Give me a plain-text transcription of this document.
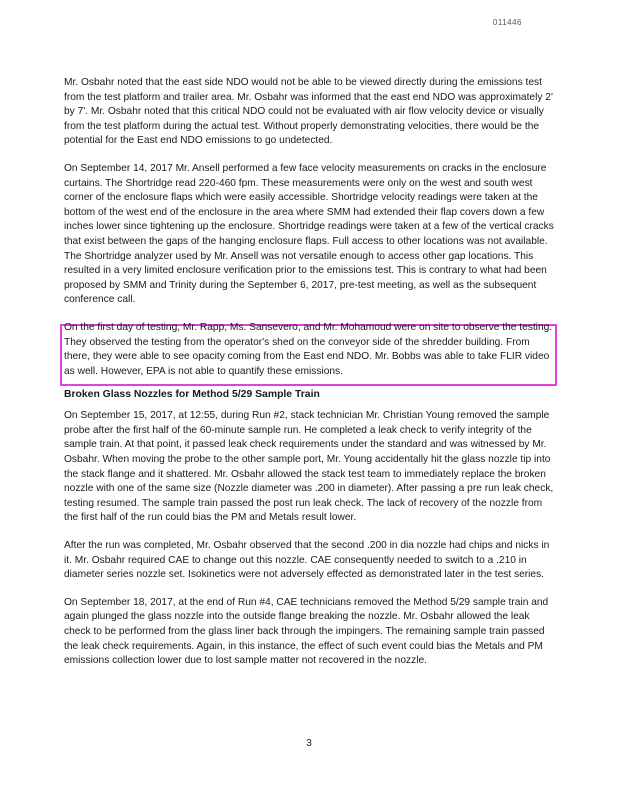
011446

Mr. Osbahr noted that the east side NDO would not be able to be viewed directly during the emissions test from the test platform and trailer area. Mr. Osbahr was informed that the east end NDO was approximately 2' by 7'. Mr. Osbahr noted that this critical NDO could not be evaluated with air flow velocity device or visually from the test platform during the actual test. Without properly demonstrating velocities, there would be the potential for the East end NDO emissions to go undetected.

On September 14, 2017 Mr. Ansell performed a few face velocity measurements on cracks in the enclosure curtains. The Shortridge read 220-460 fpm. These measurements were only on the west and south west corner of the enclosure flaps which were easily accessible. Shortridge velocity readings were taken at the bottom of the west end of the enclosure in the area where SMM had extended their flap covers down a few inches lower since tightening up the enclosure. Shortridge readings were taken at a few of the vertical cracks that exist between the gaps of the hanging enclosure flaps. Full access to other locations was not available. The Shortridge analyzer used by Mr. Ansell was not versatile enough to access other gap locations. This resulted in a very limited enclosure verification prior to the emissions test. This is contrary to what had been proposed by SMM and Trinity during the September 6, 2017, pre-test meeting, as well as the subsequent conference call.

On the first day of testing, Mr. Rapp, Ms. Sansevero, and Mr. Mohamoud were on site to observe the testing. They observed the testing from the operator's shed on the conveyor side of the shredder building. From there, they were able to see opacity coming from the East end NDO. Mr. Bobbs was able to take FLIR video as well. However, EPA is not able to quantify these emissions.

Broken Glass Nozzles for Method 5/29 Sample Train

On September 15, 2017, at 12:55, during Run #2, stack technician Mr. Christian Young removed the sample probe after the first half of the 60-minute sample run. He completed a leak check to verify integrity of the sample train. At that point, it passed leak check requirements under the standard and was witnessed by Mr. Osbahr. When moving the probe to the other sample port, Mr. Young accidentally hit the glass nozzle tip into the stack flange and it shattered. Mr. Osbahr allowed the stack test team to immediately replace the broken nozzle with one of the same size (Nozzle diameter was .200 in diameter). After passing a pre run leak check, testing resumed. The sample train passed the post run leak check. The lack of recovery of the nozzle from the first half of the run could bias the PM and Metals result lower.

After the run was completed, Mr. Osbahr observed that the second .200 in dia nozzle had chips and nicks in it. Mr. Osbahr required CAE to change out this nozzle. CAE consequently needed to switch to a .210 in diameter series nozzle set. Isokinetics were not adversely effected as demonstrated later in the test series.

On September 18, 2017, at the end of Run #4, CAE technicians removed the Method 5/29 sample train and again plunged the glass nozzle into the outside flange breaking the nozzle. Mr. Osbahr allowed the leak check to be performed from the glass liner back through the impingers. The remaining sample train passed the leak check requirements. Again, in this instance, the effect of such event could bias the Metals and PM emissions collection lower due to lost sample matter not recovered in the nozzle.

3
